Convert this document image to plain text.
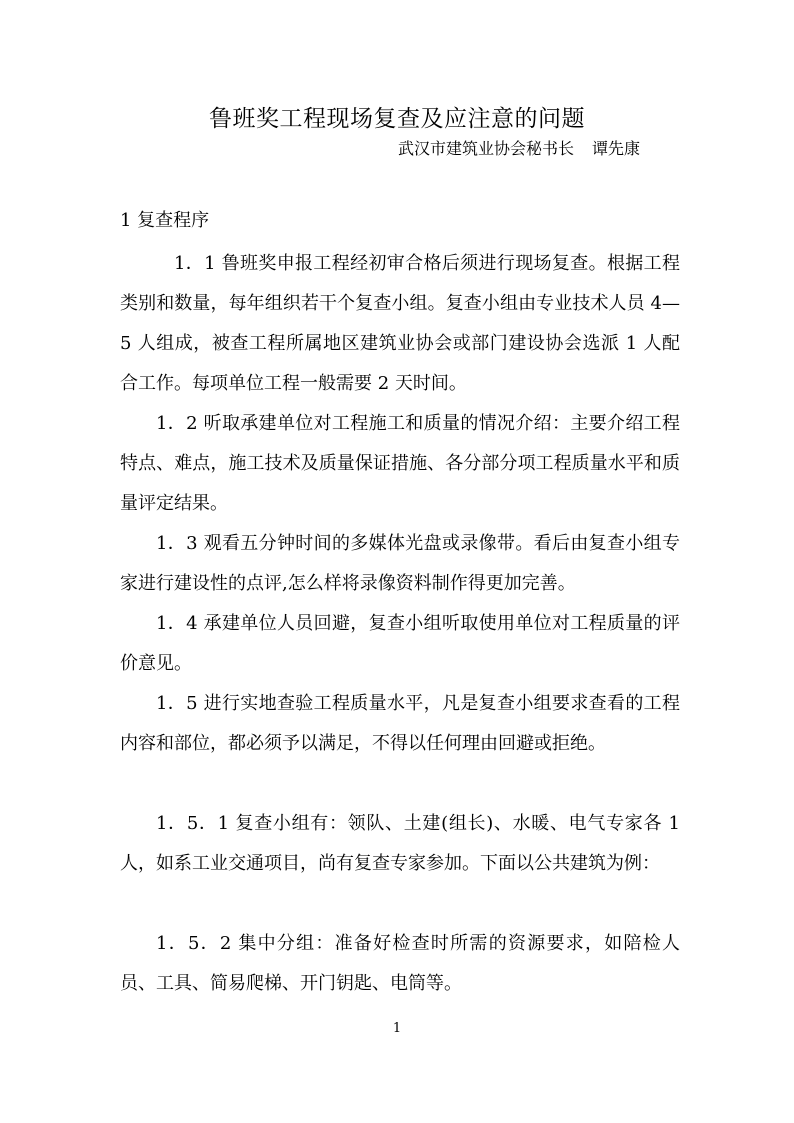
鲁班奖工程现场复查及应注意的问题
武汉市建筑业协会秘书长 谭先康
1 复查程序

1．1 鲁班奖申报工程经初审合格后须进行现场复查。根据工程类别和数量，每年组织若干个复查小组。复查小组由专业技术人员 4—5 人组成，被查工程所属地区建筑业协会或部门建设协会选派 1 人配合工作。每项单位工程一般需要 2 天时间。

1．2 听取承建单位对工程施工和质量的情况介绍：主要介绍工程特点、难点，施工技术及质量保证措施、各分部分项工程质量水平和质量评定结果。

1．3 观看五分钟时间的多媒体光盘或录像带。看后由复查小组专家进行建设性的点评,怎么样将录像资料制作得更加完善。

1．4 承建单位人员回避，复查小组听取使用单位对工程质量的评价意见。

1．5 进行实地查验工程质量水平，凡是复查小组要求查看的工程内容和部位，都必须予以满足，不得以任何理由回避或拒绝。

1．5．1 复查小组有：领队、土建(组长)、水暖、电气专家各 1 人，如系工业交通项目，尚有复查专家参加。下面以公共建筑为例：

1．5．2 集中分组：准备好检查时所需的资源要求，如陪检人员、工具、简易爬梯、开门钥匙、电筒等。

1
